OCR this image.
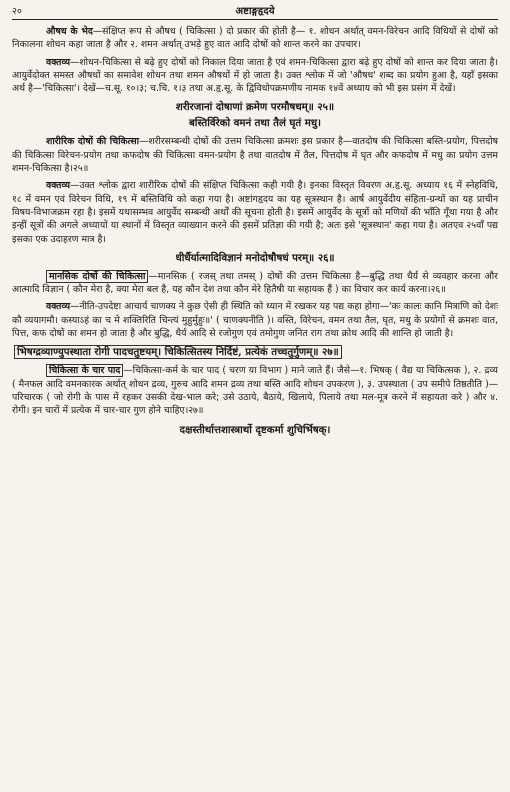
२०	अष्टाङ्गहृदये

औषध के भेद—संक्षिप्त रूप से औषध ( चिकित्सा ) दो प्रकार की होती है— १. शोधन अर्थात् वमन-विरेचन आदि विधियों से दोषों को निकालना शोधन कहा जाता है और २. शमन अर्थात् उभड़े हुए वात आदि दोषों को शान्त करने का उपचार।

वक्तव्य—शोधन-चिकित्सा से बढ़े हुए दोषों को निकाल दिया जाता है एवं शमन-चिकित्सा द्वारा बढ़े हुए दोषों को शान्त कर दिया जाता है। आयुर्वेदोक्त समस्त औषधों का समावेश शोधन तथा शमन औषधों में हो जाता है। उक्त श्लोक में जो 'औषध' शब्द का प्रयोग हुआ है, यहाँ इसका अर्थ है—'चिकित्सा'। देखें—च.सू. १०।३; च.चि. १।३ तथा अ.हृ.सू. के द्विविधोपक्रमणीय नामक १४वें अध्याय को भी इस प्रसंग में देखें।

शरीरजानां दोषाणां क्रमेण परमौषधम्॥ २५॥
बस्तिर्विरेको वमनं तथा तैलं घृतं मधु।

शारीरिक दोषों की चिकित्सा—शरीरसम्बन्धी दोषों की उत्तम चिकित्सा क्रमशः इस प्रकार है—वातदोष की चिकित्सा बस्ति-प्रयोग, पित्तदोष की चिकित्सा विरेचन-प्रयोग तथा कफदोष की चिकित्सा वमन-प्रयोग है तथा वातदोष में तैल, पित्तदोष में घृत और कफदोष में मधु का प्रयोग उत्तम शमन-चिकित्सा है।२५॥

वक्तव्य—उक्त श्लोक द्वारा शारीरिक दोषों की संक्षिप्त चिकित्सा कही गयी है। इनका विस्तृत विवरण अ.हृ.सू. अध्याय १६ में स्नेहविधि, १८ में वमन एवं विरेचन विधि, १९ में बस्तिविधि को कहा गया है। अष्टांगहृदय का यह सूत्रस्थान है। आर्ष आयुर्वेदीय संहिता-ग्रन्थों का यह प्राचीन विषय-विभाजक्रम रहा है। इसमें यथासम्भव आयुर्वेद सम्बन्धी अर्थों की सूचना होती है। इसमें आयुर्वेद के सूत्रों को मणियों की भाँति गूँथा गया है और इन्हीं सूत्रों की अगले अध्यायों या स्थानों में विस्तृत व्याख्यान करने की इसमें प्रतिज्ञा की गयी है; अतः इसे 'सूत्रस्थान' कहा गया है। अतएव २५वाँ पद्य इसका एक उदाहरण मात्र है।

धीर्धैर्यात्मादिविज्ञानं मनोदोषौषधं परम्॥ २६॥

मानसिक दोषों की चिकित्सा —मानसिक ( रजस् तथा तमस् ) दोषों की उत्तम चिकित्सा है—बुद्धि तथा धैर्य से व्यवहार करना और आत्मादि विज्ञान ( कौन मेरा है, क्या मेरा बल है, यह कौन देश तथा कौन मेरे हितैषी या सहायक हैं ) का विचार कर कार्य करना।२६॥

वक्तव्य—नीति-उपदेष्टा आचार्य चाणक्य ने कुछ ऐसी ही स्थिति को ध्यान में रखकर यह पद्य कहा होगा—'कः कालः कानि मित्राणि को देशः कौ व्ययागमौ। कस्याऽहं का च मे शक्तिरिति चिन्त्यं मुहुर्मुहुः॥' ( चाणक्यनीति )। वस्ति, विरेचन, वमन तथा तैल, घृत, मधु के प्रयोगों से क्रमशः वात, पित्त, कफ दोषों का शमन हो जाता है और बुद्धि, धैर्य आदि से रजोगुण एवं तमोगुण जनित राग तथा क्रोध आदि की शान्ति हो जाती है।

भिषग्द्रव्याण्युपस्थाता रोगी पादचतुष्टयम्। चिकित्सितस्य निर्दिष्टं, प्रत्येकं तच्चतुर्गुणम्॥ २७॥

चिकित्सा के चार पाद —चिकित्सा-कर्म के चार पाद ( चरण या विभाग ) माने जाते हैं। जैसे—१. भिषक् ( वैद्य या चिकित्सक ), २. द्रव्य ( मैनफल आदि वमनकारक अर्थात् शोधन द्रव्य, गुरुच आदि शमन द्रव्य तथा बस्ति आदि शोधन उपकरण ), ३. उपस्थाता ( उप समीपे तिष्ठतीति )—परिचारक ( जो रोगी के पास में रहकर उसकी देख-भाल करे; उसे उठाये, बैठाये, खिलाये, पिलाये तथा मल-मूत्र करने में सहायता करे ) और ४. रोगी। इन चारों में प्रत्येक में चार-चार गुण होने चाहिए।२७॥

दक्षस्तीर्थात्तशास्त्रार्थो दृष्टकर्मा शुचिर्भिषक्।
